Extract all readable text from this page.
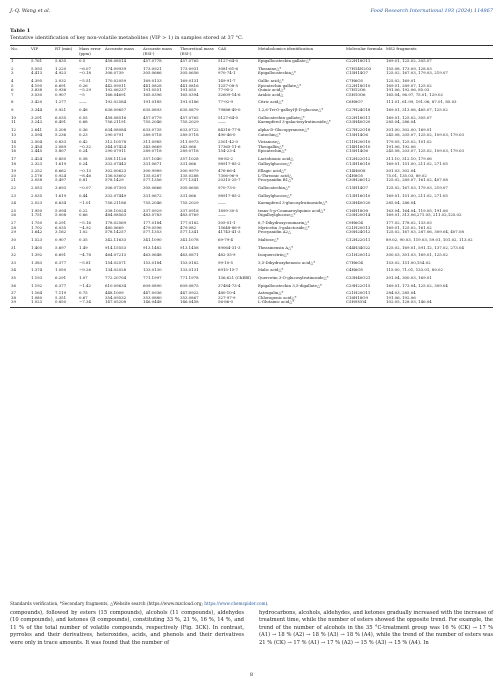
J.-Q. Wang et al.	Food Research International 193 (2024) 114867
Table 1
Tentative identification of key non-volatile metabolites (VIP > 1) in samples stored at 37 °C.
No.	VIP	RT (min)	Mass error (ppm)	Accurate mass	Accurate mass (ESI-)	Theoretical mass (ESI-)	CAS	Metabolomics identification	Molecular formula	MS2 fragments
1	5.761	5.835	0.5	458.08514	457.0778	457.0765	5127-64-0	Epigallocatechin gallate△*	C22H18O11	169.01, 125.02, 305.07
2	5.593	1.220	−6.07	174.09939	173.0921	173.0931	3081-61-6	Theanine△*	C7H14N2O3	155.08, 173.09, 128.03
3	4.413	4.923	−0.18	306.0739	305.0666	305.0656	970-74-1	Epigallocatechin△*	C15H14O7	125.02, 167.03, 179.03, 219.07
4	4.395	2.032	−5.51	170.02059	169.0133	169.0131	149-91-7	Gallic acid△*	C7H6O5	125.02, 169.01
5	4.195	6.691	0.26	442.09011	441.0828	441.0816	1257-08-5	Epicatechin gallate△*	C22H18O10	169.01, 289.07, 125.02
6	3.838	0.936	−5.29	192.06237	191.0551	191.055	77-95-2	Quinic acid△*	C7H12O6	191.06, 192.06, 85.03
7	3.530	0.907	−5	166.04691	165.0396	165.0394	32609-14-6	Arabic acid△	C5H10O6	165.04, 96.97, 75.01, 129.02
8	3.420	1.277	——	192.02584	191.0185	191.0186	77-92-9	Citric acid△*	C6H8O7	111.01, 61.99, 191.06, 87.01, 85.03
9	3.344	5.921	0.48	636.09657	635.0893	635.0879	79886-49-0	1,2,6-Tri-O-galloyl-β-D-glucose△*	C27H24O18	169.01, 313.06, 465.07, 125.02
10	3.291	6.035	0.55	458.08516	457.0779	457.0765	5127-64-0	Gallocatechin gallate△*	C22H18O11	169.01, 125.02, 305.07
11	3.243	6.491	0.68	756.21191	755.2046	755.2029	——	Kaempferol 3-galactosylrutinoside△*	C33H40O20	285.04, 286.04
12	2.641	5.208	0.36	634.08084	633.0735	633.0722	84316-77-8	alpha-D-Glucopyranose△*	C27H22O18	301.00, 302.00, 169.01
13	2.594	5.236	0.23	290.0791	289.0718	289.0718	490-46-0	Catechin△*	C15H14O6	245.08, 205.07, 125.02, 109.03, 179.03
14	2.504	0.833	0.42	312.10578	311.0985	311.0973	2501-42-0	Vicianose△	C11H20O10	179.05, 125.02, 101.02
15	2.454	2.089	−0.32	344.07424	343.0669	343.066	17365-11-6	Theogallin△*	C14H16O10	191.06, 192.06
16	2.445	5.807	0.24	290.07911	289.0718	289.0718	154-23-4	Epicatechin△*	C15H14O6	245.08, 203.07, 125.02, 109.03, 179.03
17	2.424	0.850	0.38	358.11126	357.1040	357.1028	96-82-2	Lactobionic acid△	C12H22O12	311.10, 312.10, 179.06
18	2.323	1.619	0.24	332.07443	331.0671	331.066	98917-85-2	Galloylglucose△*	C13H16O10	169.01, 151.00, 211.02, 271.05
19	2.252	6.662	−0.13	302.00623	300.9989	300.9979	476-66-4	Ellagic acid△*	C14H6O8	301.03, 302.04
20	2.176	0.924	−8.46	136.03602	135.0287	135.0288	7306-96-9	L-Threonic acid△	C4H8O5	75.01, 135.03, 89.02
21	2.058	5.497	0.81	578.1429	577.1356	577.1341	20315-25-7	Procyanidin B1△*	C30H26O12	125.02, 289.07, 161.02, 407.08
22	2.053	3.693	−0.07	306.07393	305.0666	305.0656	970-73-0	Gallocatechin△*	C15H14O7	125.02, 167.03, 179.03, 219.07
23	2.035	1.619	0.44	332.07449	331.0672	331.066	98917-85-2	Galloylglucose△*	C13H16O10	169.01, 151.00, 211.02, 271.05
24	2.023	6.634	−1.01	756.21186	755.2046	755.2029	——	Kaempferol 3-glucosylrutinoside△*	C33H40O20	285.04, 286.04
25	1.950	5.094	0.22	338.10024	337.0929	337.0918	1899-30-5	trans-5-p-Coumaroylquinic acid△*	C16H18O8	163.04, 164.04, 119.05, 191.06
26	1.751	5.008	0.66	484.08563	483.0783	483.0769	——	Digalloylglucose△*	C20H20O14	169.01, 313.06,271.05, 211.02,125.02
27	1.750	6.291	−5.16	178.02569	177.0184	177.0182	305-01-1	6,7-Dihydroxycoumarin△*	C9H6O4	177.02, 178.02, 133.03
28	1.702	6.035	−4.92	480.0669	479.0596	479.082	15648-86-9	Myricetin 3-galactoside△*	C21H20O13	169.01, 125.02, 161.02
29	1.642	3.162	1.02	578.14257	577.1353	577.1341	41743-41-3	Procyanidin A2△	C30H24O12	125.02, 167.03, 287.06, 309.04, 407.08
30	1.523	0.907	0.35	342.11633	341.1090	341.1078	69-79-4	Maltose△*	C12H22O11	89.02, 90.03, 119.03, 59.01, 101.02, 113.02
31	1.405	5.697	1.49	914.15553	913.1482	913.1458	89064-31-3	Theasinensin A△*	C44H34O22	125.02, 169.01, 591.12, 137.02, 273.04
32	1.392	6.691	−4.78	464.07213	463.0648	463.0871	482-35-9	Isoquercitrin△*	C21H20O12	300.03, 301.03, 169.01, 125.02
33	1.383	6.377	−5.81	154.02571	153.0184	153.0182	99-10-5	3,5-Dihydroxybenzoic acid△*	C7H6O4	153.02, 151.00,154.02
34	1.374	1.050	−9.26	134.02028	133.0130	133.0131	6915-15-7	Malic acid△*	C4H6O5	115.00, 71.01, 133.01, 89.02
35	1.193	6.291	1.07	772.20704	771.1997	771.1978	136,621 (ChEBI)	Quercetin 3-O-glucosylrutinoside△*	C33H40O21	301.04, 300.03, 169.01
36	1.192	6.377	−1.42	610.09634	609.0890	609.0875	37484-73-4	Epigallocatechin 3,5-digallate△*	C29H22O15	169.01, 173.04, 125.02, 309.04
37	1.164	7.119	0.75	448.1009	447.0936	447.0922	480-10-4	Astragalin△*	C21H20O11	284.03, 285.04
38	1.080	5.351	0.67	354.09532	353.0880	353.0867	327-97-9	Chlorogenic acid△*	C16H18O9	191.06, 192.06
39	1.023	0.850	−7.34	147.05208	146.0448	146.0458	56-86-0	L-Glutamic acid△*	C5H9NO4	102.05, 128.03, 146.04
Standards verification, *Secondary fragments, △Website search (https://www.mzcloud.org; https://www.chemspider.com).
compounds), followed by esters (15 compounds), alcohols (11 compounds), aldehydes (10 compounds), and ketones (8 compounds), constituting 33 %, 21 %, 16 %, 14 %, and 11 % of the total number of volatile compounds, respectively (Fig. 3CK). In contrast, pyrroles and their derivatives, heteroxides, acids, and phenols and their derivatives were only in trace amounts. It was found that the number of
hydrocarbons, alcohols, aldehydes, and ketones gradually increased with the increase of treatment time, while the number of esters showed the opposite trend. For example, the trend of the number of alcohols in the 35 °C-treatment group was 16 % (CK) → 17 % (A1) → 18 % (A2) → 18 % (A3) → 18 % (A4), while the trend of the number of esters was 21 % (CK) → 17 % (A1) → 17 % (A2) → 15 % (A3) → 15 % (A4). In
8
